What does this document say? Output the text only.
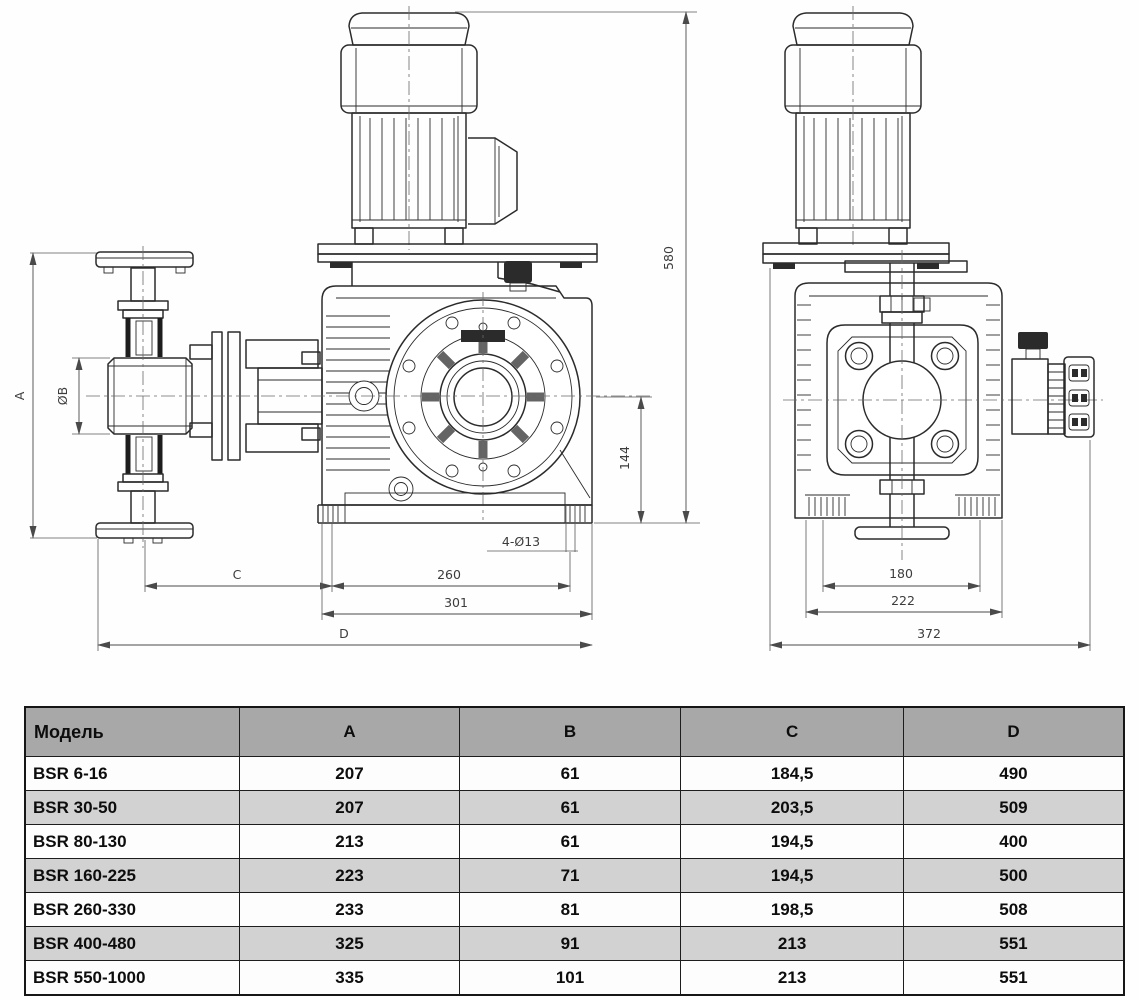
A ØB
580
144
4-Ø13
C	260
301
D
180
222
372
Модель	A	B	C	D
BSR 6-16	207	61	184,5	490
BSR 30-50	207	61	203,5	509
BSR 80-130	213	61	194,5	400
BSR 160-225	223	71	194,5	500
BSR 260-330	233	81	198,5	508
BSR 400-480	325	91	213	551
BSR 550-1000	335	101	213	551
